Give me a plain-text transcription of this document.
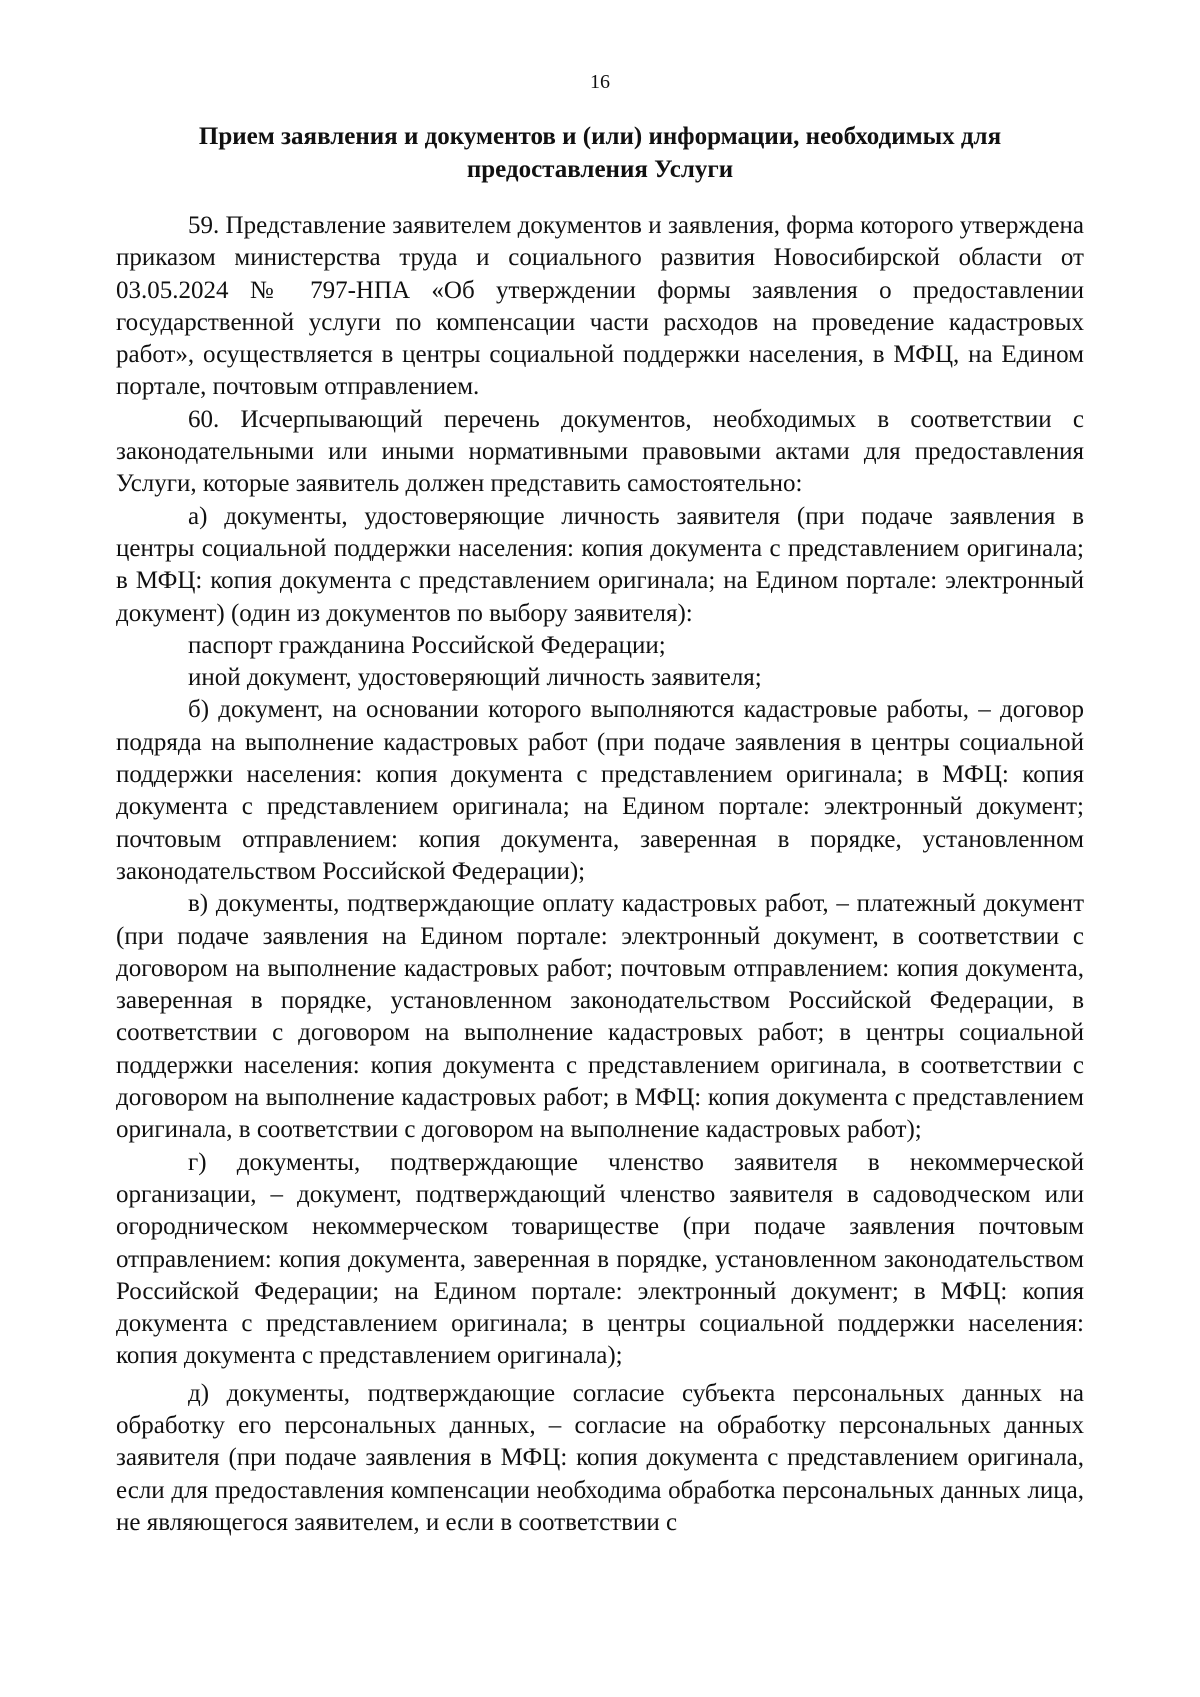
16
Прием заявления и документов и (или) информации, необходимых для
предоставления Услуги

59. Представление заявителем документов и заявления, форма которого утверждена приказом министерства труда и социального развития Новосибирской области от 03.05.2024 № 797-НПА «Об утверждении формы заявления о предоставлении государственной услуги по компенсации части расходов на проведение кадастровых работ», осуществляется в центры социальной поддержки населения, в МФЦ, на Едином портале, почтовым отправлением.

60. Исчерпывающий перечень документов, необходимых в соответствии с законодательными или иными нормативными правовыми актами для предоставления Услуги, которые заявитель должен представить самостоятельно:

а) документы, удостоверяющие личность заявителя (при подаче заявления в центры социальной поддержки населения: копия документа с представлением оригинала; в МФЦ: копия документа с представлением оригинала; на Едином портале: электронный документ) (один из документов по выбору заявителя):

паспорт гражданина Российской Федерации;

иной документ, удостоверяющий личность заявителя;

б) документ, на основании которого выполняются кадастровые работы, – договор подряда на выполнение кадастровых работ (при подаче заявления в центры социальной поддержки населения: копия документа с представлением оригинала; в МФЦ: копия документа с представлением оригинала; на Едином портале: электронный документ; почтовым отправлением: копия документа, заверенная в порядке, установленном законодательством Российской Федерации);

в) документы, подтверждающие оплату кадастровых работ, – платежный документ (при подаче заявления на Едином портале: электронный документ, в соответствии с договором на выполнение кадастровых работ; почтовым отправлением: копия документа, заверенная в порядке, установленном законодательством Российской Федерации, в соответствии с договором на выполнение кадастровых работ; в центры социальной поддержки населения: копия документа с представлением оригинала, в соответствии с договором на выполнение кадастровых работ; в МФЦ: копия документа с представлением оригинала, в соответствии с договором на выполнение кадастровых работ);

г) документы, подтверждающие членство заявителя в некоммерческой организации, – документ, подтверждающий членство заявителя в садоводческом или огородническом некоммерческом товариществе (при подаче заявления почтовым отправлением: копия документа, заверенная в порядке, установленном законодательством Российской Федерации; на Едином портале: электронный документ; в МФЦ: копия документа с представлением оригинала; в центры социальной поддержки населения: копия документа с представлением оригинала);

д) документы, подтверждающие согласие субъекта персональных данных на обработку его персональных данных, – согласие на обработку персональных данных заявителя (при подаче заявления в МФЦ: копия документа с представлением оригинала, если для предоставления компенсации необходима обработка персональных данных лица, не являющегося заявителем, и если в соответствии с
